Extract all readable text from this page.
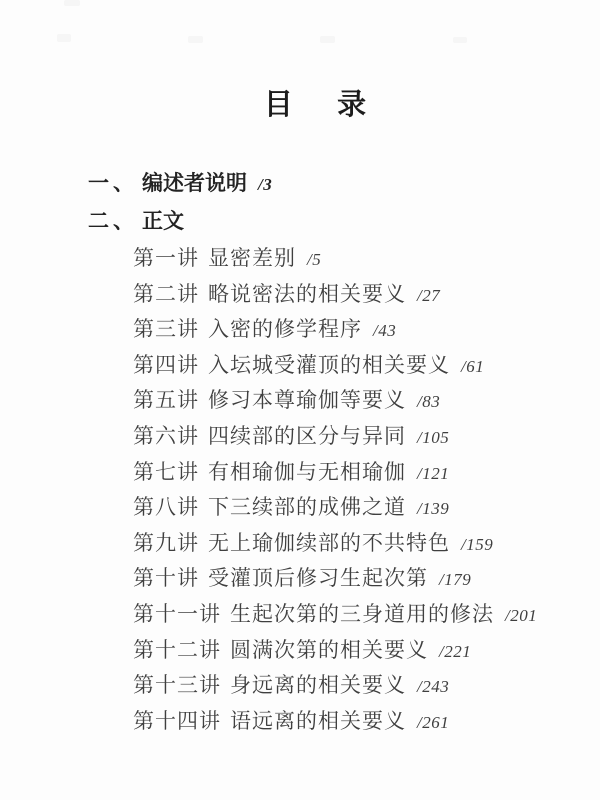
目 录
一、 编述者说明 /3
二、 正文
第一讲 显密差别 /5
第二讲 略说密法的相关要义 /27
第三讲 入密的修学程序 /43
第四讲 入坛城受灌顶的相关要义 /61
第五讲 修习本尊瑜伽等要义 /83
第六讲 四续部的区分与异同 /105
第七讲 有相瑜伽与无相瑜伽 /121
第八讲 下三续部的成佛之道 /139
第九讲 无上瑜伽续部的不共特色 /159
第十讲 受灌顶后修习生起次第 /179
第十一讲 生起次第的三身道用的修法 /201
第十二讲 圆满次第的相关要义 /221
第十三讲 身远离的相关要义 /243
第十四讲 语远离的相关要义 /261
